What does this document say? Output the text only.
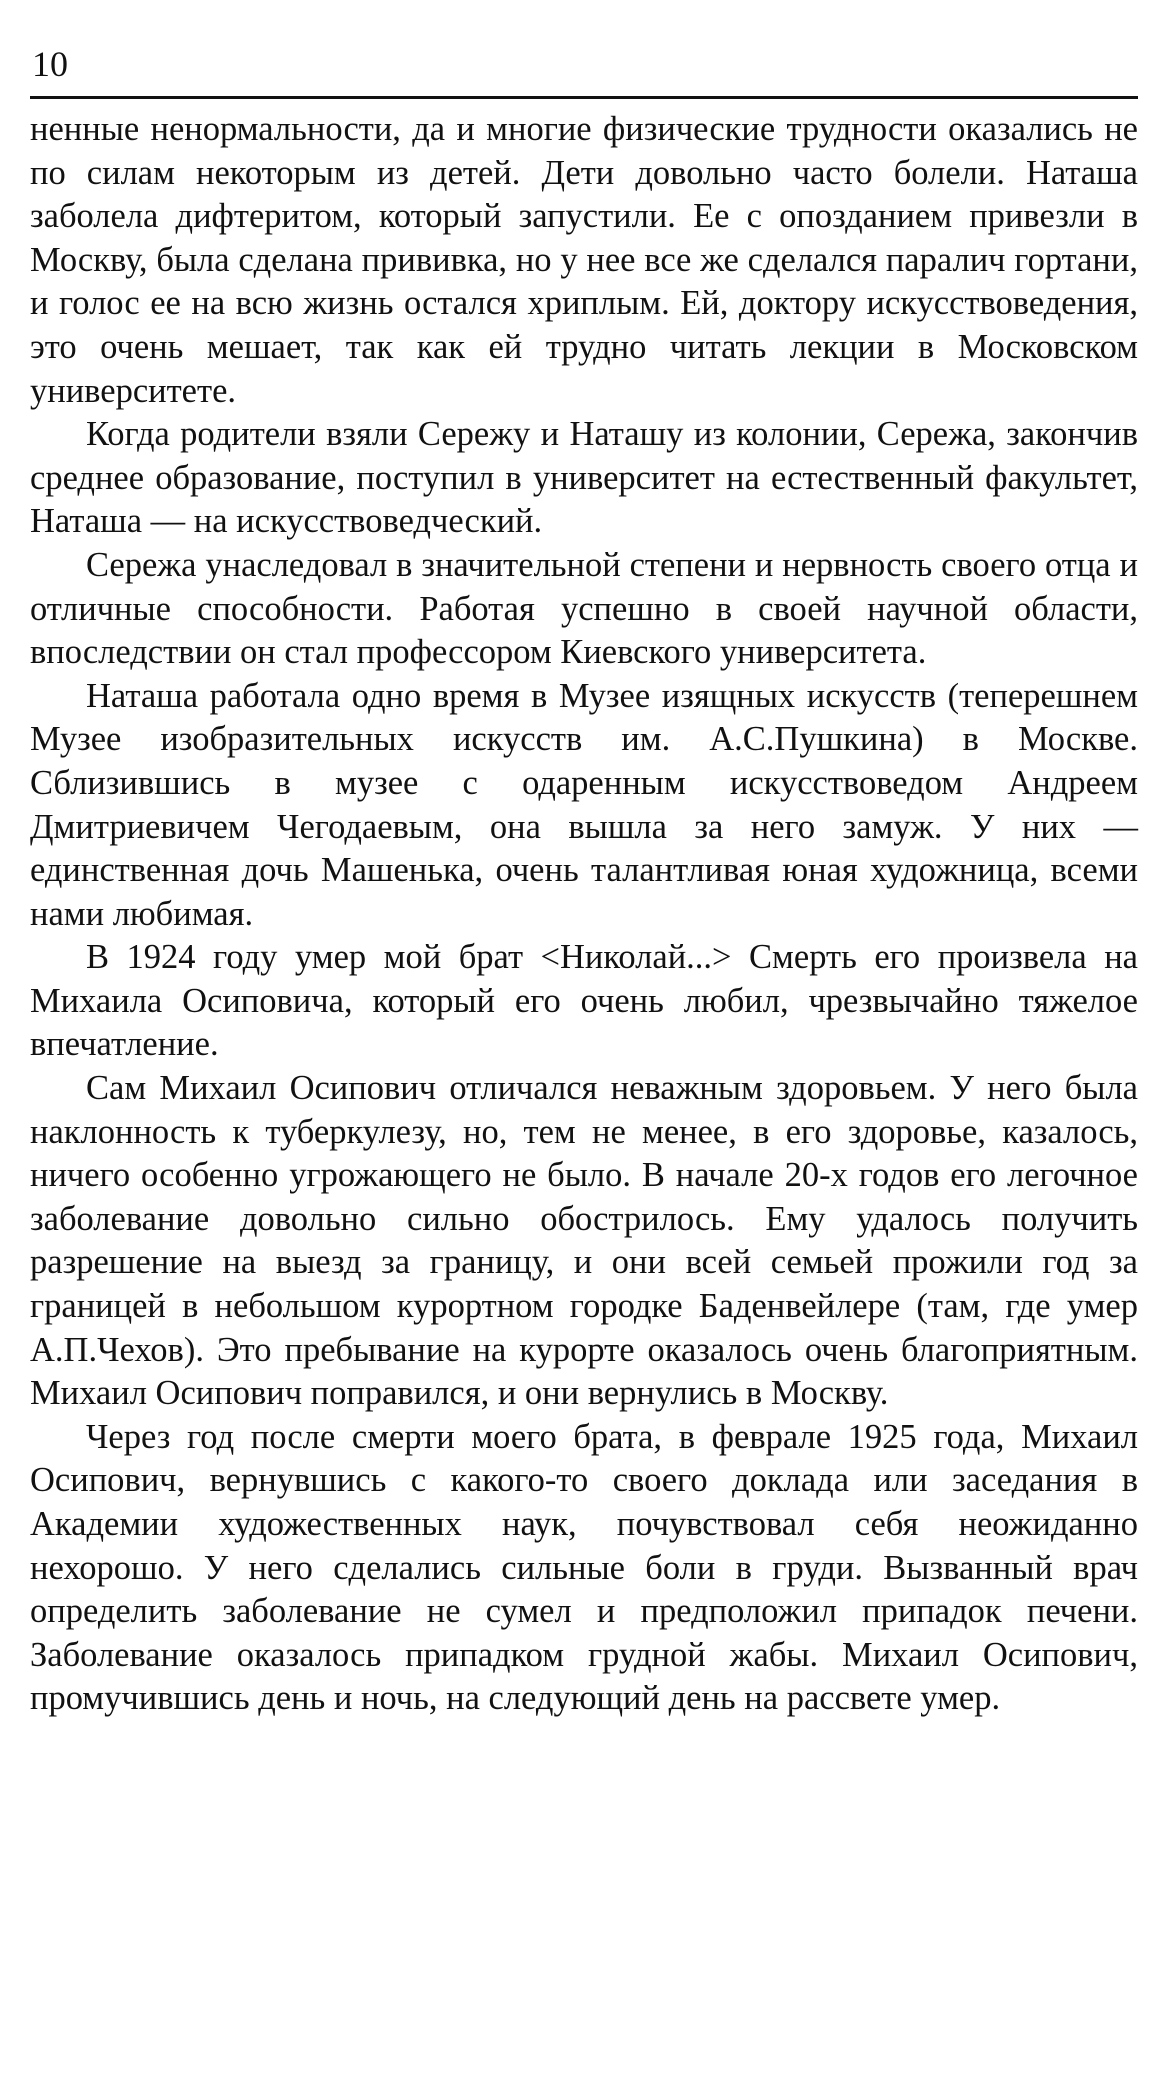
10

ненные ненормальности, да и многие физические трудности оказались не по силам некоторым из детей. Дети довольно часто болели. Наташа заболела дифтеритом, который запустили. Ее с опозданием привезли в Москву, была сделана прививка, но у нее все же сделался паралич гортани, и голос ее на всю жизнь остался хриплым. Ей, доктору искусствоведения, это очень мешает, так как ей трудно читать лекции в Московском университете.

Когда родители взяли Сережу и Наташу из колонии, Сережа, закончив среднее образование, поступил в университет на естественный факультет, Наташа — на искусствоведческий.

Сережа унаследовал в значительной степени и нервность своего отца и отличные способности. Работая успешно в своей научной области, впоследствии он стал профессором Киевского университета.

Наташа работала одно время в Музее изящных искусств (теперешнем Музее изобразительных искусств им. А.С.Пушкина) в Москве. Сблизившись в музее с одаренным искусствоведом Андреем Дмитриевичем Чегодаевым, она вышла за него замуж. У них — единственная дочь Машенька, очень талантливая юная художница, всеми нами любимая.

В 1924 году умер мой брат <Николай...> Смерть его произвела на Михаила Осиповича, который его очень любил, чрезвычайно тяжелое впечатление.

Сам Михаил Осипович отличался неважным здоровьем. У него была наклонность к туберкулезу, но, тем не менее, в его здоровье, казалось, ничего особенно угрожающего не было. В начале 20-х годов его легочное заболевание довольно сильно обострилось. Ему удалось получить разрешение на выезд за границу, и они всей семьей прожили год за границей в небольшом курортном городке Баденвейлере (там, где умер А.П.Чехов). Это пребывание на курорте оказалось очень благоприятным. Михаил Осипович поправился, и они вернулись в Москву.

Через год после смерти моего брата, в феврале 1925 года, Михаил Осипович, вернувшись с какого-то своего доклада или заседания в Академии художественных наук, почувствовал себя неожиданно нехорошо. У него сделались сильные боли в груди. Вызванный врач определить заболевание не сумел и предположил припадок печени. Заболевание оказалось припадком грудной жабы. Михаил Осипович, промучившись день и ночь, на следующий день на рассвете умер.
